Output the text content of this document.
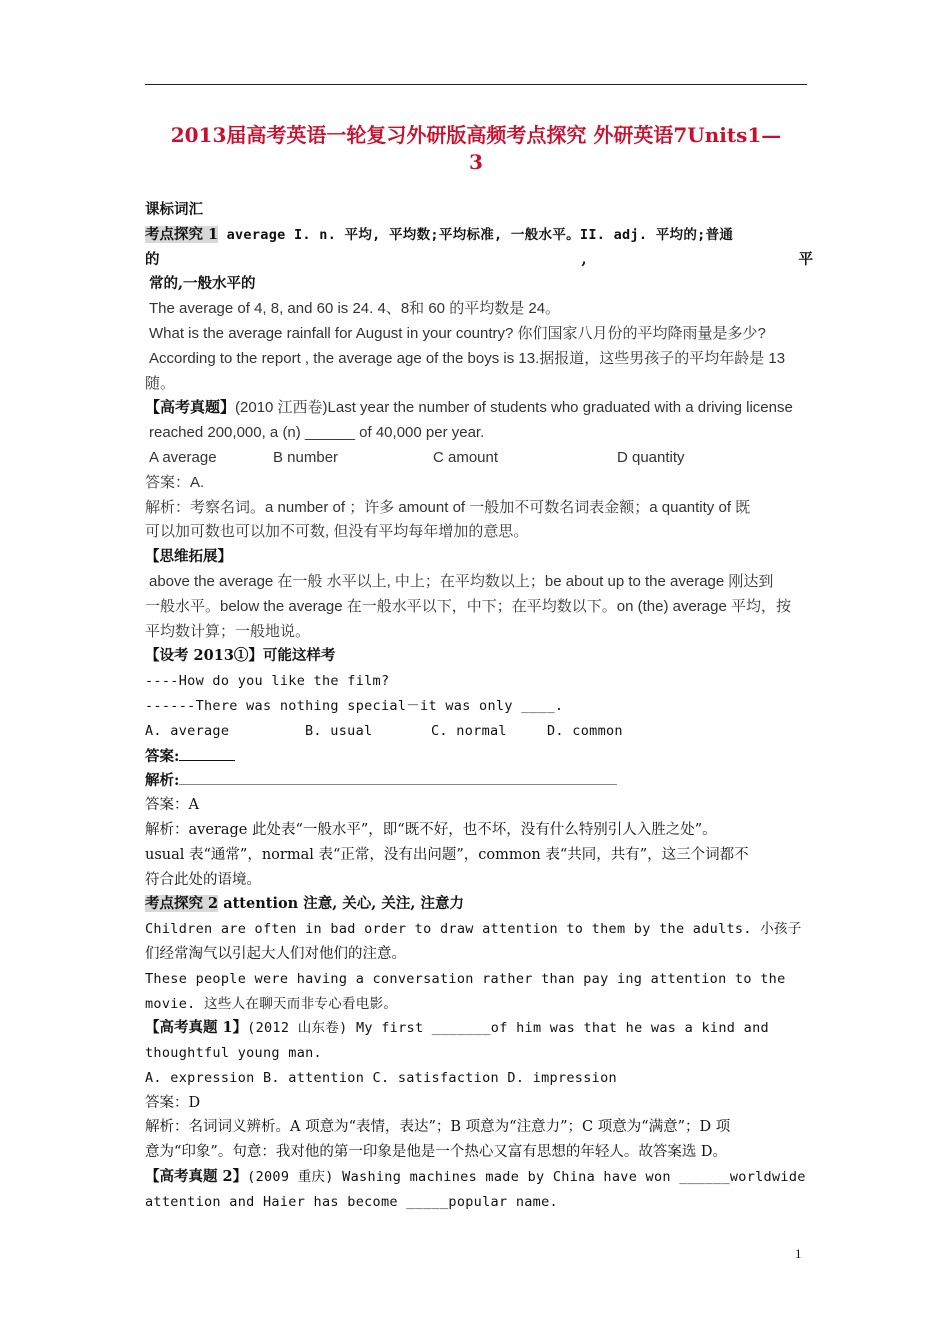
2013届高考英语一轮复习外研版高频考点探究 外研英语7Units1—
3
课标词汇
考点探究 1 average I. n. 平均, 平均数;平均标准, 一般水平。II. adj. 平均的;普通
的	,	平
常的,一般水平的
The average of 4, 8, and 60 is 24. 4、8和 60 的平均数是 24。
What is the average rainfall for August in your country? 你们国家八月份的平均降雨量是多少?
According to the report , the average age of the boys is 13.据报道，这些男孩子的平均年龄是 13
随。
【高考真题】(2010 江西卷)Last year the number of students who graduated with a driving license
reached 200,000, a (n) ______ of 40,000 per year.
A average	B number	C amount	D quantity
答案：A.
解析：考察名词。a number of ；许多 amount of 一般加不可数名词表金额；a quantity of 既
可以加可数也可以加不可数, 但没有平均每年增加的意思。
【思维拓展】
above the average 在一般 水平以上, 中上；在平均数以上；be about up to the average 刚达到
一般水平。below the average 在一般水平以下，中下；在平均数以下。on (the) average 平均，按
平均数计算；一般地说。
【设考 2013①】可能这样考
----How do you like the film?
------There was nothing special－it was only ____.
A. average	B. usual	C. normal	D. common
答案:
解析:
答案：A
解析：average 此处表“一般水平”，即“既不好，也不坏，没有什么特别引人入胜之处”。
usual 表“通常”，normal 表“正常，没有出问题”，common 表“共同，共有”，这三个词都不
符合此处的语境。
考点探究 2 attention 注意, 关心, 关注, 注意力
Children are often in bad order to draw attention to them by the adults. 小孩子
们经常淘气以引起大人们对他们的注意。
These people were having a conversation rather than pay ing attention to the
movie. 这些人在聊天而非专心看电影。
【高考真题 1】(2012 山东卷) My first _______of him was that he was a kind and
thoughtful young man.
A. expression B. attention C. satisfaction D. impression
答案：D
解析：名词词义辨析。A 项意为“表情，表达”；B 项意为“注意力”；C 项意为“满意”；D 项
意为“印象”。句意：我对他的第一印象是他是一个热心又富有思想的年轻人。故答案选 D。
【高考真题 2】(2009 重庆) Washing machines made by China have won ______worldwide
attention and Haier has become _____popular name.
1
